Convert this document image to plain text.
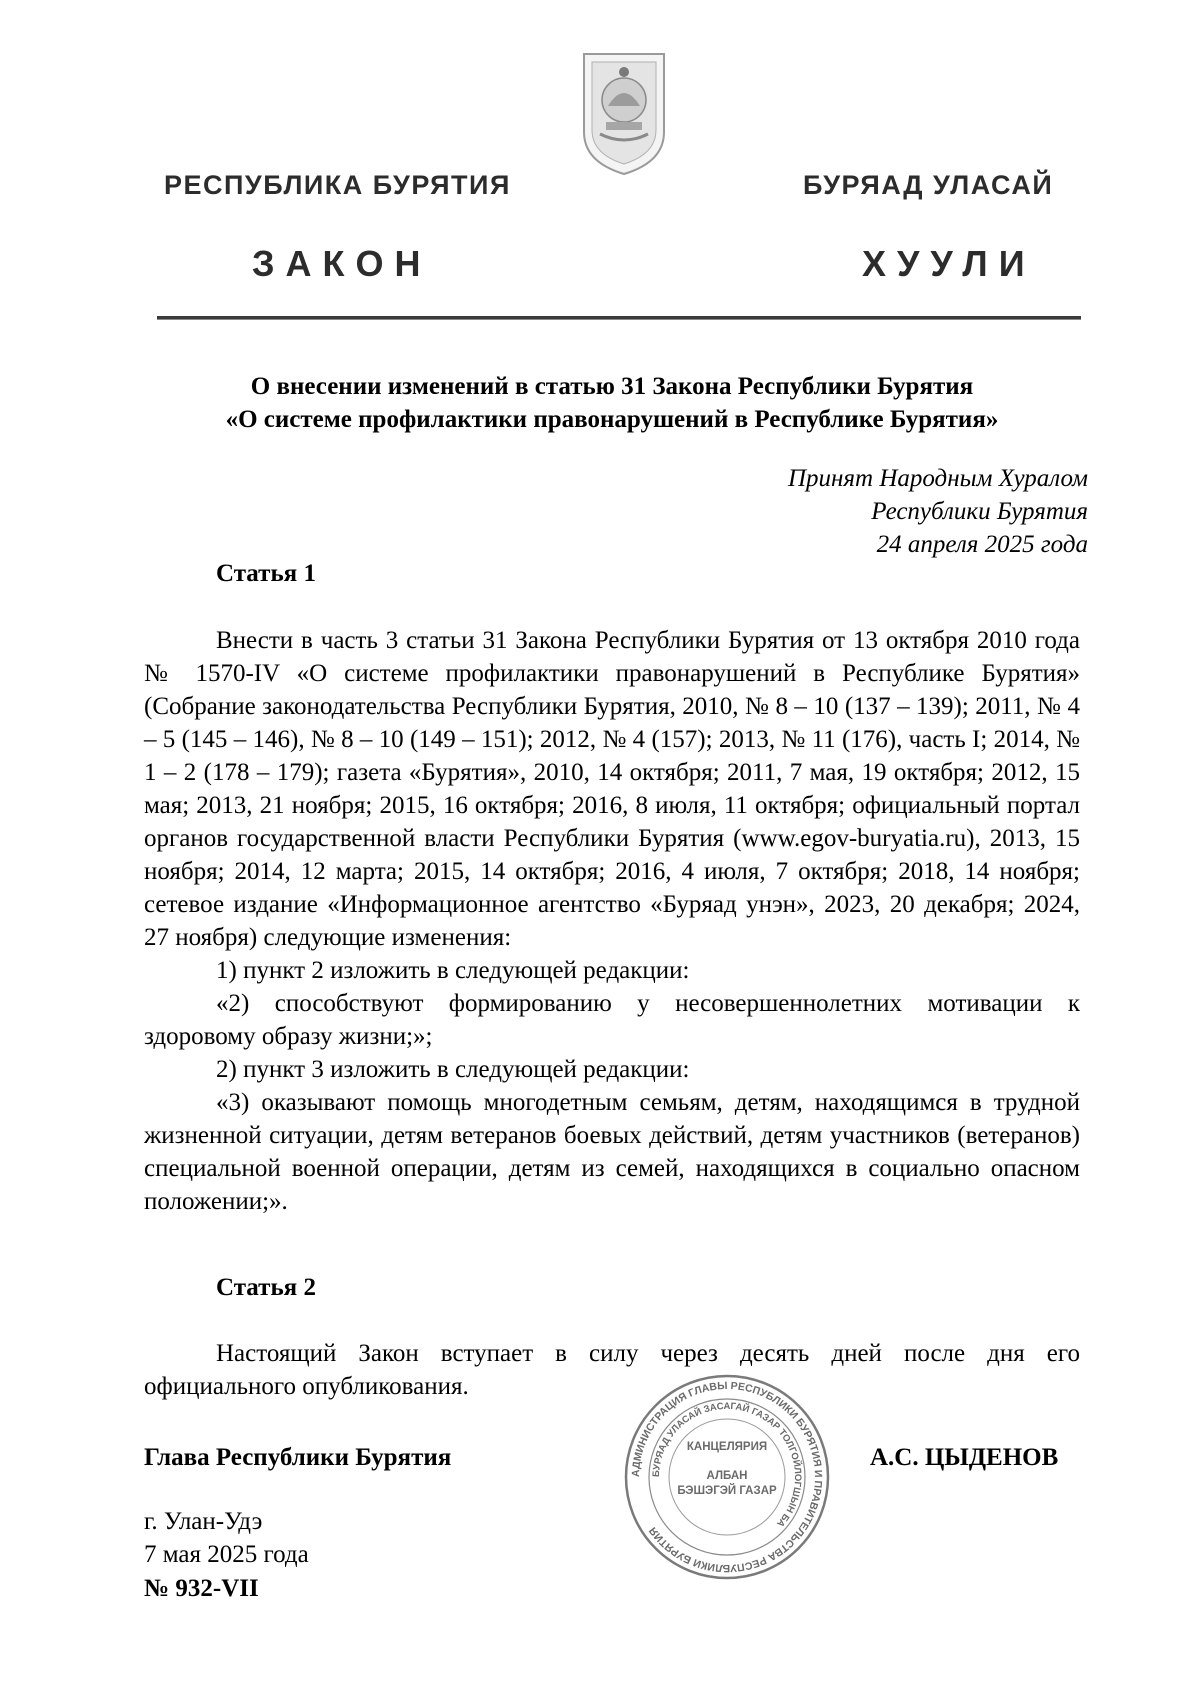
РЕСПУБЛИКА БУРЯТИЯ	БУРЯАД УЛАСАЙ
ЗАКОН	ХУУЛИ
О внесении изменений в статью 31 Закона Республики Бурятия
«О системе профилактики правонарушений в Республике Бурятия»
Принят Народным Хуралом
Республики Бурятия
24 апреля 2025 года
Статья 1

Внести в часть 3 статьи 31 Закона Республики Бурятия от 13 октября 2010 года № 1570-IV «О системе профилактики правонарушений в Республике Бурятия» (Собрание законодательства Республики Бурятия, 2010, № 8 – 10 (137 – 139); 2011, № 4 – 5 (145 – 146), № 8 – 10 (149 – 151); 2012, № 4 (157); 2013, № 11 (176), часть I; 2014, № 1 – 2 (178 – 179); газета «Бурятия», 2010, 14 октября; 2011, 7 мая, 19 октября; 2012, 15 мая; 2013, 21 ноября; 2015, 16 октября; 2016, 8 июля, 11 октября; официальный портал органов государственной власти Республики Бурятия (www.egov-buryatia.ru), 2013, 15 ноября; 2014, 12 марта; 2015, 14 октября; 2016, 4 июля, 7 октября; 2018, 14 ноября; сетевое издание «Информационное агентство «Буряад унэн», 2023, 20 декабря; 2024, 27 ноября) следующие изменения:

1) пункт 2 изложить в следующей редакции:

«2) способствуют формированию у несовершеннолетних мотивации к здоровому образу жизни;»;

2) пункт 3 изложить в следующей редакции:

«3) оказывают помощь многодетным семьям, детям, находящимся в трудной жизненной ситуации, детям ветеранов боевых действий, детям участников (ветеранов) специальной военной операции, детям из семей, находящихся в социально опасном положении;».

Статья 2

Настоящий Закон вступает в силу через десять дней после дня его официального опубликования.

АДМИНИСТРАЦИЯ ГЛАВЫ РЕСПУБЛИКИ БУРЯТИЯ И ПРАВИТЕЛЬСТВА РЕСПУБЛИКИ БУРЯТИЯ
БУРЯАД УЛАСАЙ ЗАСАГАЙ ГАЗАР ТОЛГОЙЛОГШЫН БА
КАНЦЕЛЯРИЯ
АЛБАН
БЭШЭГЭЙ ГАЗАР
Глава Республики Бурятия	А.С. ЦЫДЕНОВ
г. Улан-Удэ
7 мая 2025 года
№ 932-VII
